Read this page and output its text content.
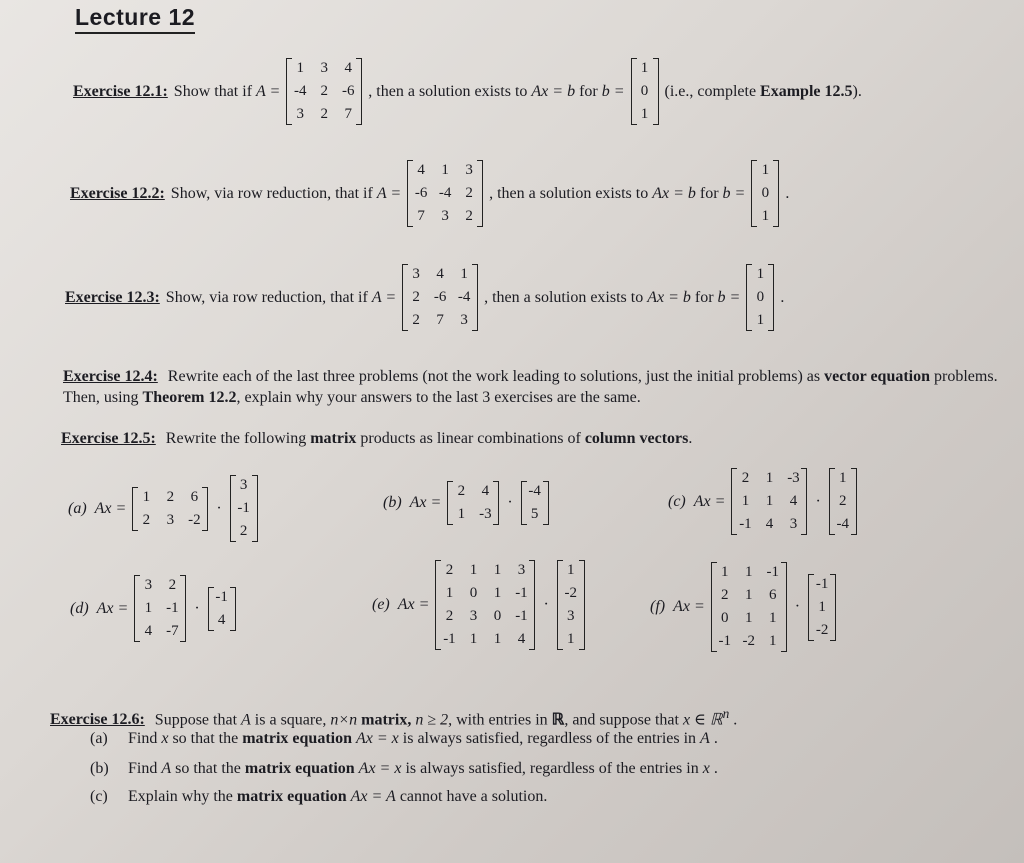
Lecture 12
Exercise 12.1: Show that if
A =
1 3 4
-4 2 -6
3 2 7
, then a solution exists to
Ax = b
for
b =
1
0
1
(i.e., complete
Example 12.5 ).
Exercise 12.2: Show, via row reduction, that if
A =
4 1 3
-6 -4 2
7 3 2
, then a solution exists to
Ax = b
for
b =
1
0
1
.
Exercise 12.3: Show, via row reduction, that if
A =
3 4 1
2 -6 -4
2 7 3
, then a solution exists to
Ax = b
for
b =
1
0
1
.
Exercise 12.4: Rewrite each of the last three problems (not the work leading to solutions, just the initial problems) as vector equation problems. Then, using Theorem 12.2, explain why your answers to the last 3 exercises are the same.
Exercise 12.5: Rewrite the following matrix products as linear combinations of column vectors.
(a) Ax =
1 2 6
2 3 -2
·
3
-1
2
(b) Ax =
2 4
1 -3
·
-4
5
(c) Ax =
2 1 -3
1 1 4
-1 4 3
·
1
2
-4
(d) Ax =
3 2
1 -1
4 -7
·
-1
4
(e) Ax =
2 1 1 3
1 0 1 -1
2 3 0 -1
-1 1 1 4
·
1
-2
3
1
(f) Ax =
1 1 -1
2 1 6
0 1 1
-1 -2 1
·
-1
1
-2
Exercise 12.6: Suppose that A is a square, n×n matrix, n ≥ 2, with entries in ℝ, and suppose that x ∈ ℝ$^n$ .
(a) Find x so that the matrix equation Ax = x is always satisfied, regardless of the entries in A .
(b) Find A so that the matrix equation Ax = x is always satisfied, regardless of the entries in x .
(c) Explain why the matrix equation Ax = A cannot have a solution.
